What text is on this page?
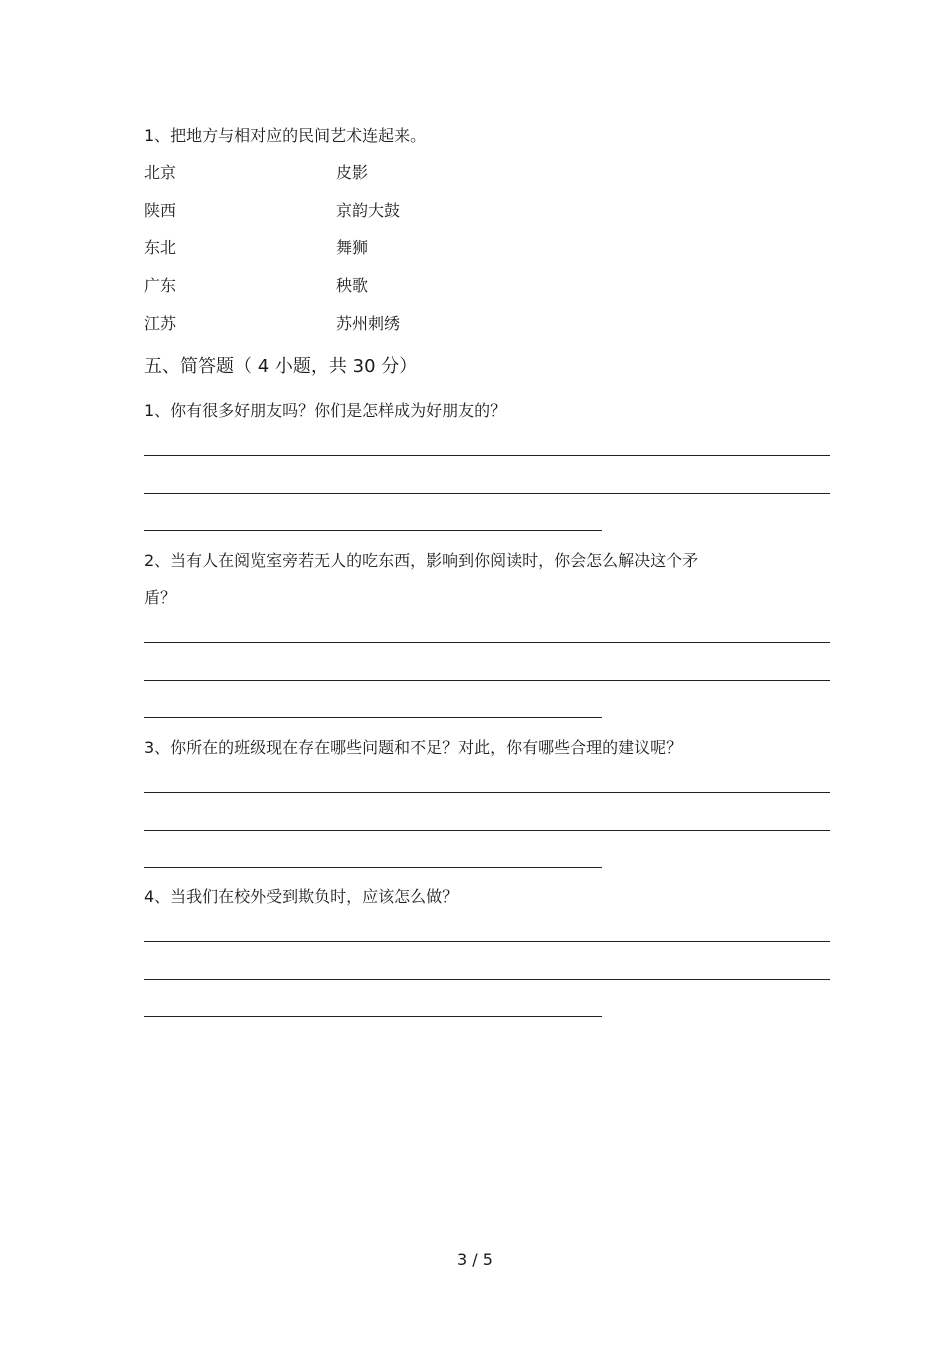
1、把地方与相对应的民间艺术连起来。
北京	皮影
陕西	京韵大鼓
东北	舞狮
广东	秧歌
江苏	苏州刺绣
五、简答题（ 4 小题，共 30 分）
1、你有很多好朋友吗？你们是怎样成为好朋友的？
2、当有人在阅览室旁若无人的吃东西，影响到你阅读时，你会怎么解决这个矛
盾？
3、你所在的班级现在存在哪些问题和不足？对此，你有哪些合理的建议呢？
4、当我们在校外受到欺负时，应该怎么做？
3 / 5
